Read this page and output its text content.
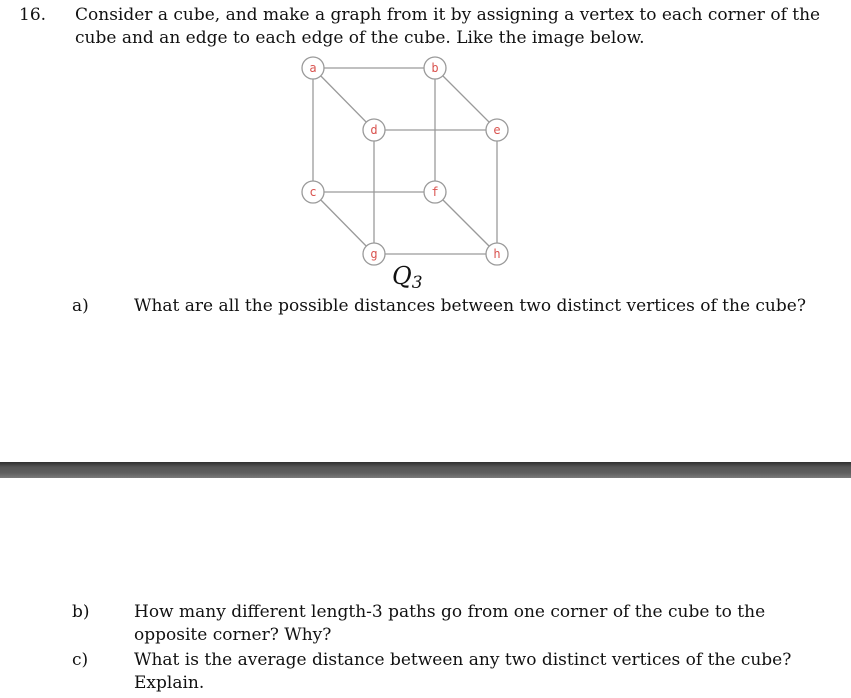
16. Consider a cube, and make a graph from it by assigning a vertex to each corner of the
cube and an edge to each edge of the cube. Like the image below.
a	b
c
d	e
f
g	h
Q3
a)	What are all the possible distances between two distinct vertices of the cube?
b)	How many different length-3 paths go from one corner of the cube to the
opposite corner? Why?
c)	What is the average distance between any two distinct vertices of the cube?
Explain.
